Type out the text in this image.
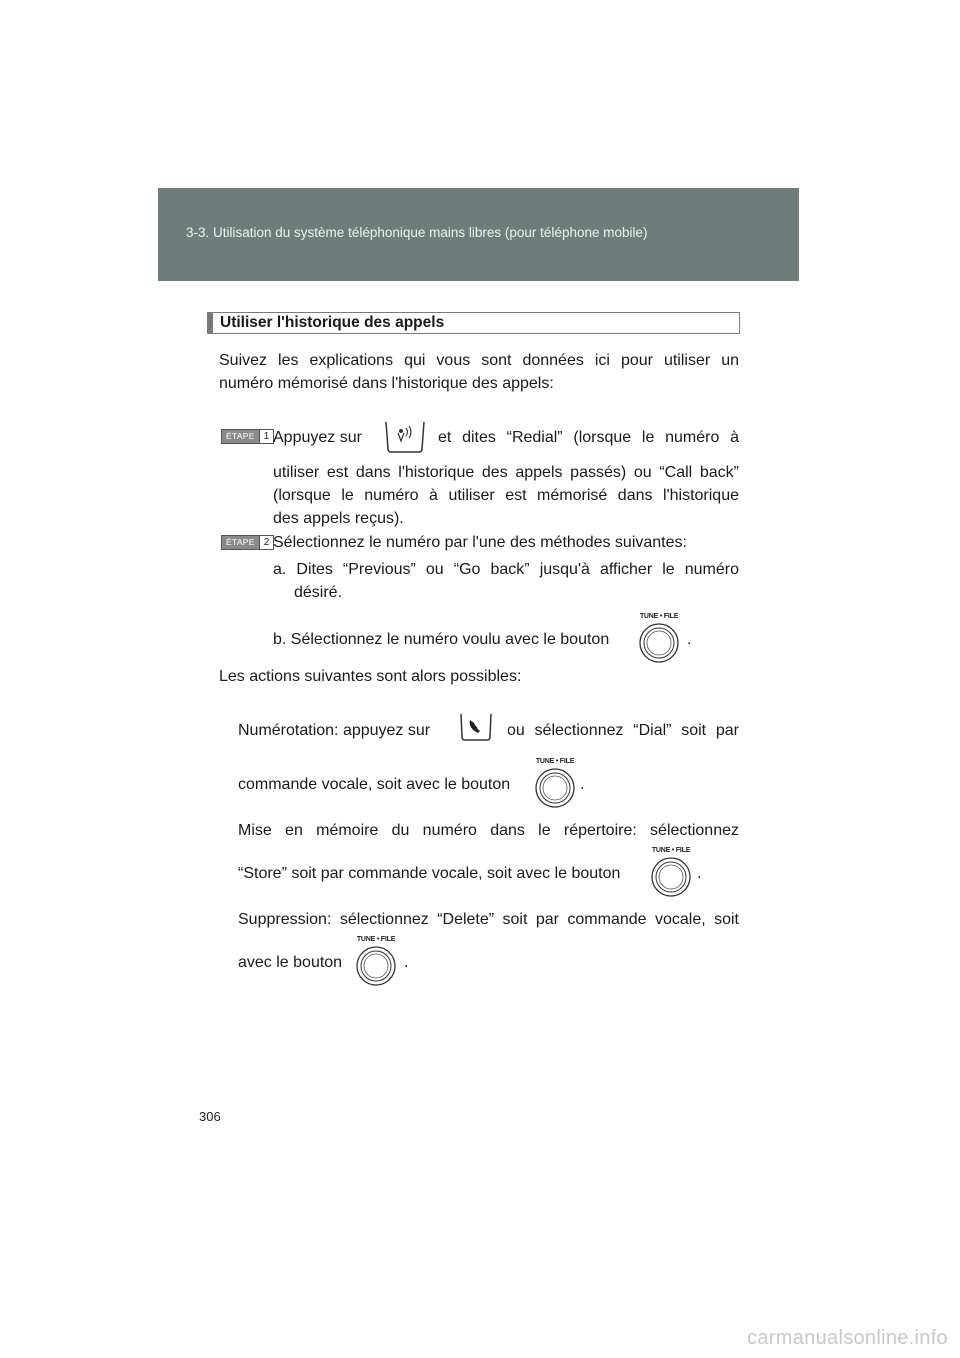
3-3. Utilisation du système téléphonique mains libres (pour téléphone mobile)
Utiliser l'historique des appels
Suivez les explications qui vous sont données ici pour utiliser un
numéro mémorisé dans l'historique des appels:
ÉTAPE 1 Appuyez sur	et dites “Redial” (lorsque le numéro à
utiliser est dans l'historique des appels passés) ou “Call back”
(lorsque le numéro à utiliser est mémorisé dans l'historique
des appels reçus).
ÉTAPE 2 Sélectionnez le numéro par l'une des méthodes suivantes:
a. Dites “Previous” ou “Go back” jusqu'à afficher le numéro
désiré.
b. Sélectionnez le numéro voulu avec le bouton
TUNE • FILE
.
Les actions suivantes sont alors possibles:
Numérotation: appuyez sur	ou sélectionnez “Dial” soit par
commande vocale, soit avec le bouton
TUNE • FILE
.
Mise en mémoire du numéro dans le répertoire: sélectionnez
“Store” soit par commande vocale, soit avec le bouton
TUNE • FILE
.
Suppression: sélectionnez “Delete” soit par commande vocale, soit
avec le bouton
TUNE • FILE
.
306
carmanualsonline.info
